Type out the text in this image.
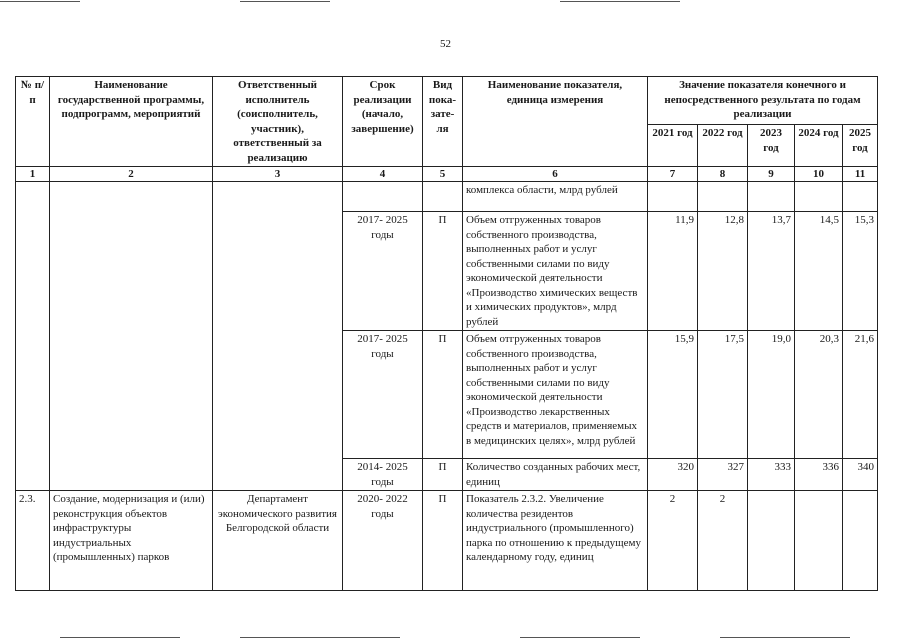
52
№ п/п	Наименование государственной программы, подпрограмм, мероприятий	Ответственный исполнитель (соисполнитель, участник), ответственный за реализацию	Срок реализации (начало, завершение)	Вид пока- зате- ля	Наименование показателя, единица измерения	Значение показателя конечного и непосредственного результата по годам реализации				
						2021 год	2022 год	2023 год	2024 год	2025 год
1	2	3	4	5	6	7	8	9	10	11
					комплекса области, млрд рублей					
			2017- 2025 годы	П	Объем отгруженных товаров собственного производства, выполненных работ и услуг собственными силами по виду экономической деятельности «Производство химических веществ и химических продуктов», млрд рублей	11,9	12,8	13,7	14,5	15,3
			2017- 2025 годы	П	Объем отгруженных товаров собственного производства, выполненных работ и услуг собственными силами по виду экономической деятельности «Производство лекарственных средств и материалов, применяемых в медицинских целях», млрд рублей	15,9	17,5	19,0	20,3	21,6
			2014- 2025 годы	П	Количество созданных рабочих мест, единиц	320	327	333	336	340
2.3.	Создание, модернизация и (или) реконструкция объектов инфраструктуры индустриальных (промышленных) парков	Департамент экономического развития Белгородской области	2020- 2022 годы	П	Показатель 2.3.2. Увеличение количества резидентов индустриального (промышленного) парка по отношению к предыдущему календарному году, единиц	2	2			
